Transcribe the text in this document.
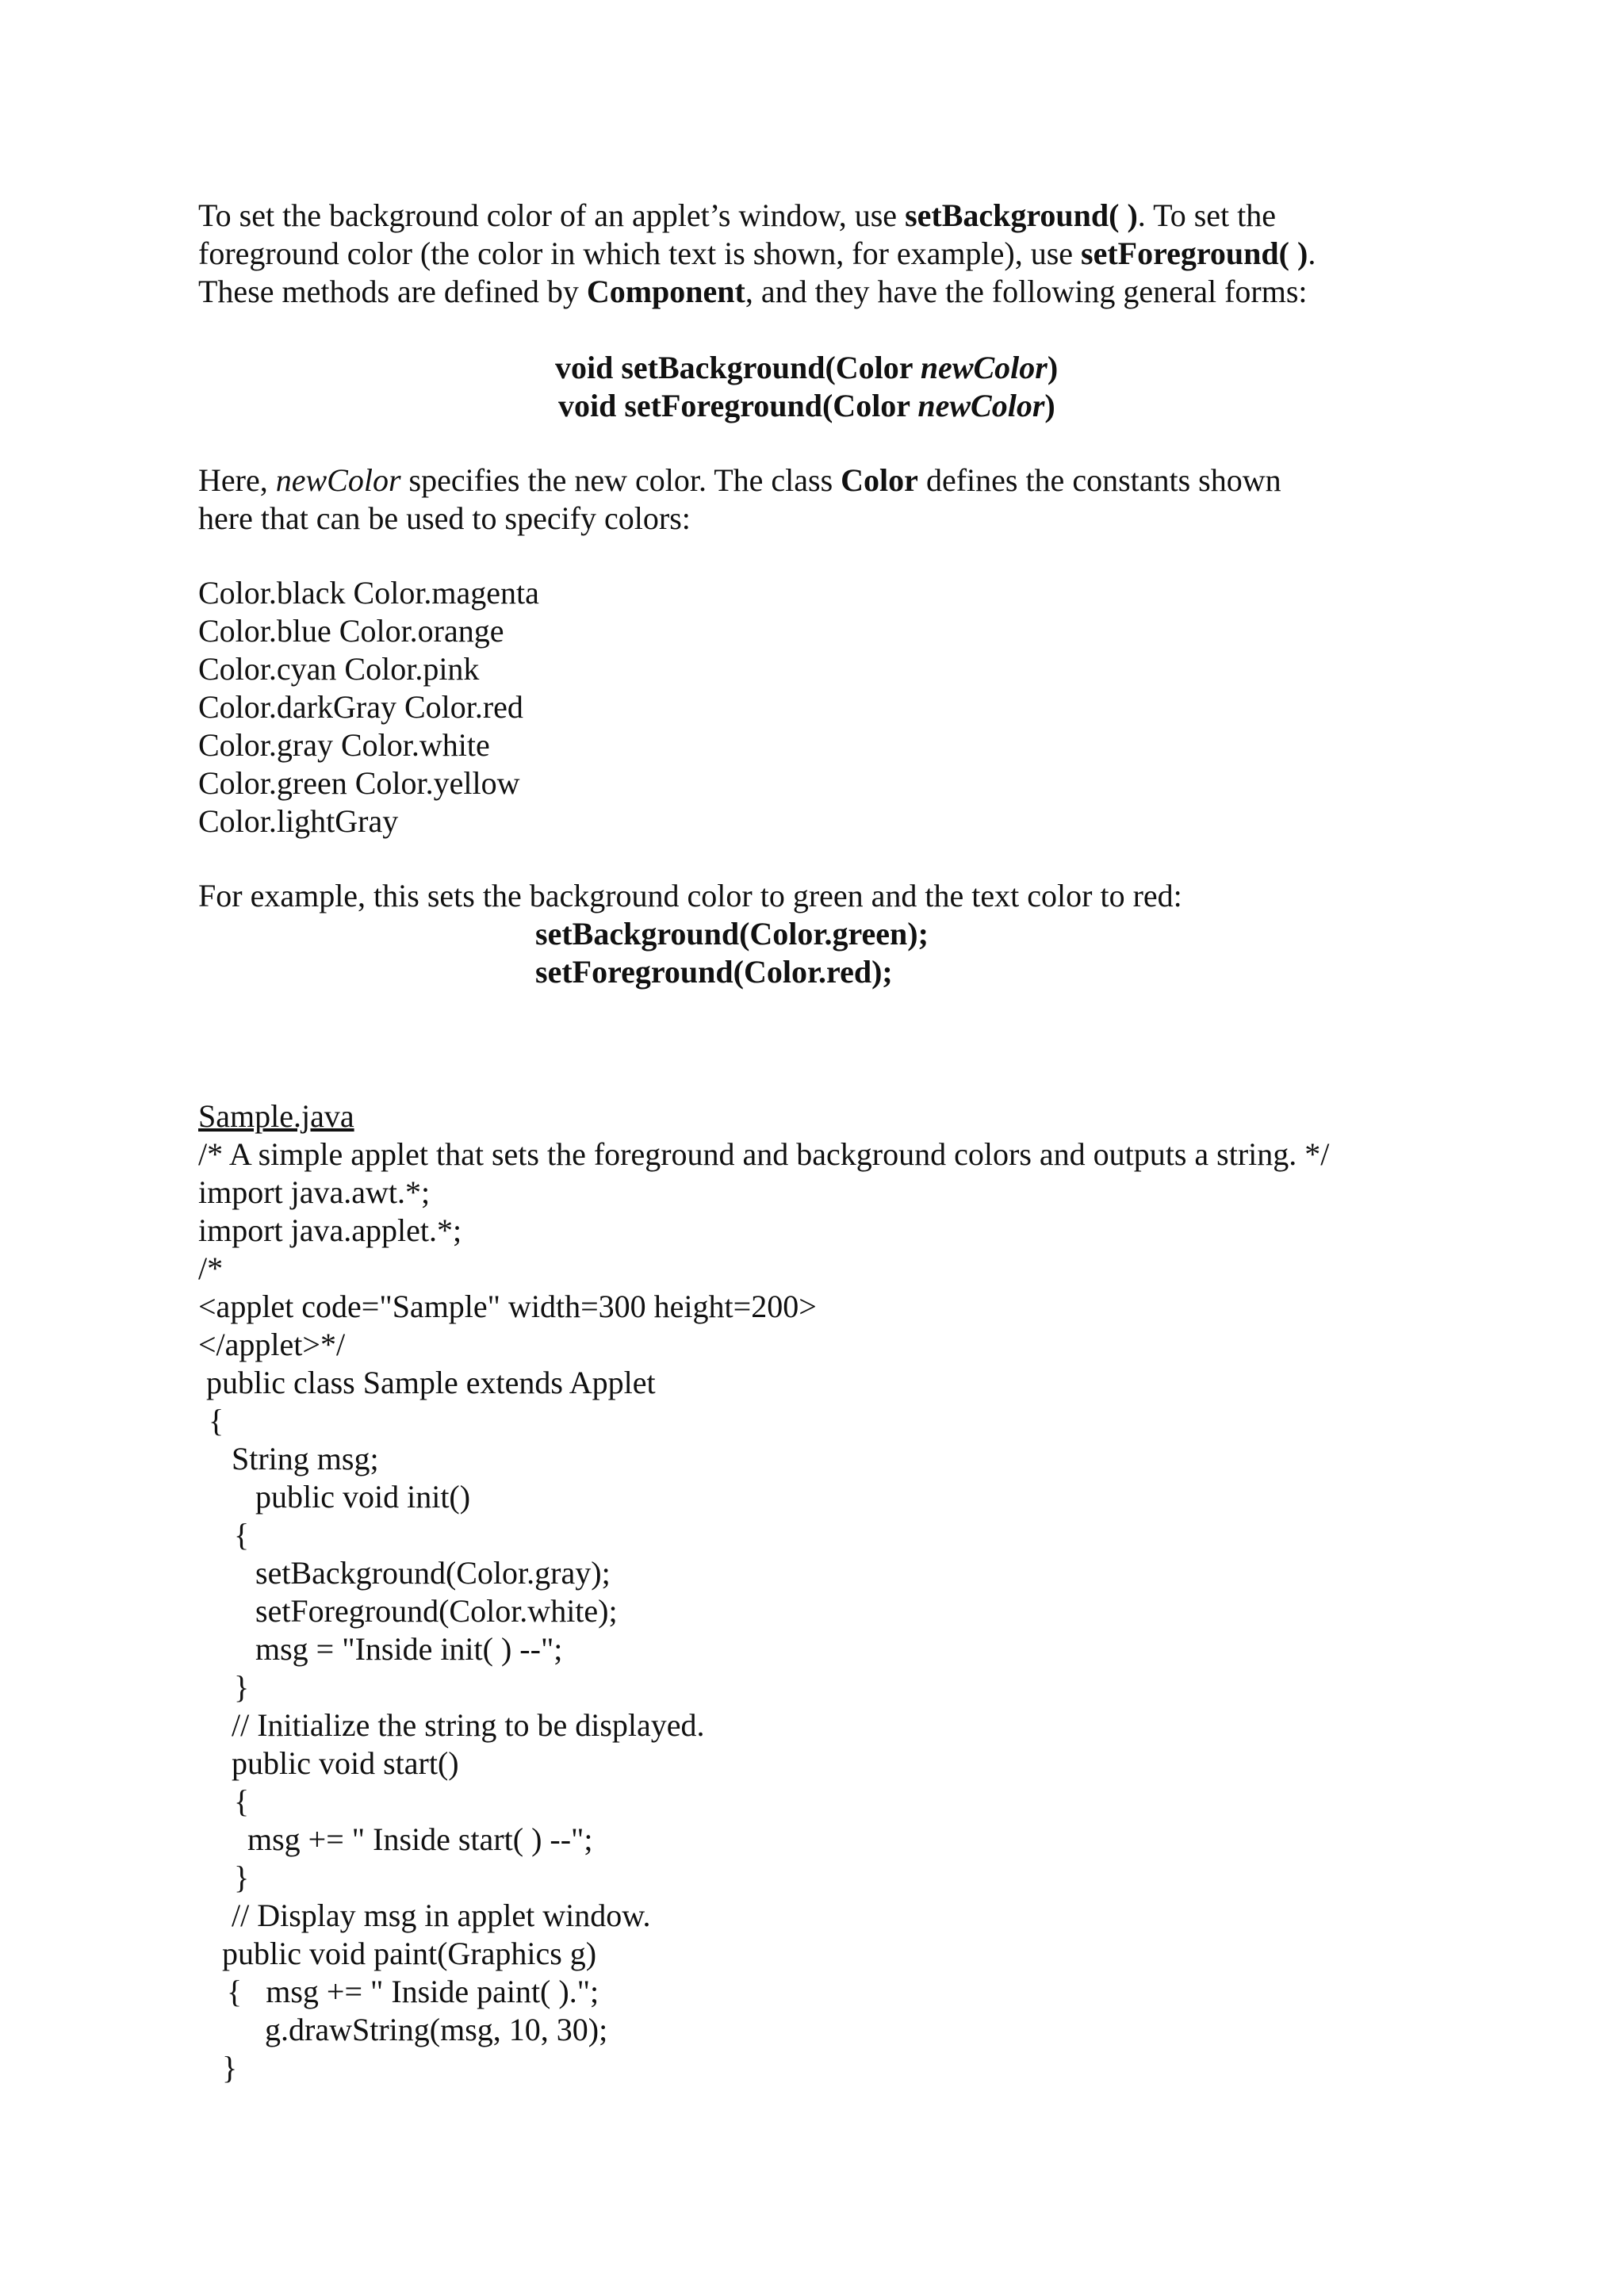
To set the background color of an applet’s window, use setBackground( ). To set the
foreground color (the color in which text is shown, for example), use setForeground( ).
These methods are defined by Component, and they have the following general forms:
void setBackground(Color newColor)
void setForeground(Color newColor)
Here, newColor specifies the new color. The class Color defines the constants shown
here that can be used to specify colors:
Color.black Color.magenta
Color.blue Color.orange
Color.cyan Color.pink
Color.darkGray Color.red
Color.gray Color.white
Color.green Color.yellow
Color.lightGray
For example, this sets the background color to green and the text color to red:
setBackground(Color.green);
setForeground(Color.red);
Sample.java
/* A simple applet that sets the foreground and background colors and outputs a string. */
import java.awt.*;
import java.applet.*;
/*
<applet code="Sample" width=300 height=200>
</applet>*/
public class Sample extends Applet
{
String msg;
public void init()
{
setBackground(Color.gray);
setForeground(Color.white);
msg = "Inside init( ) --";
}
// Initialize the string to be displayed.
public void start()
{
msg += " Inside start( ) --";
}
// Display msg in applet window.
public void paint(Graphics g)
{   msg += " Inside paint( ).";
g.drawString(msg, 10, 30);
}
